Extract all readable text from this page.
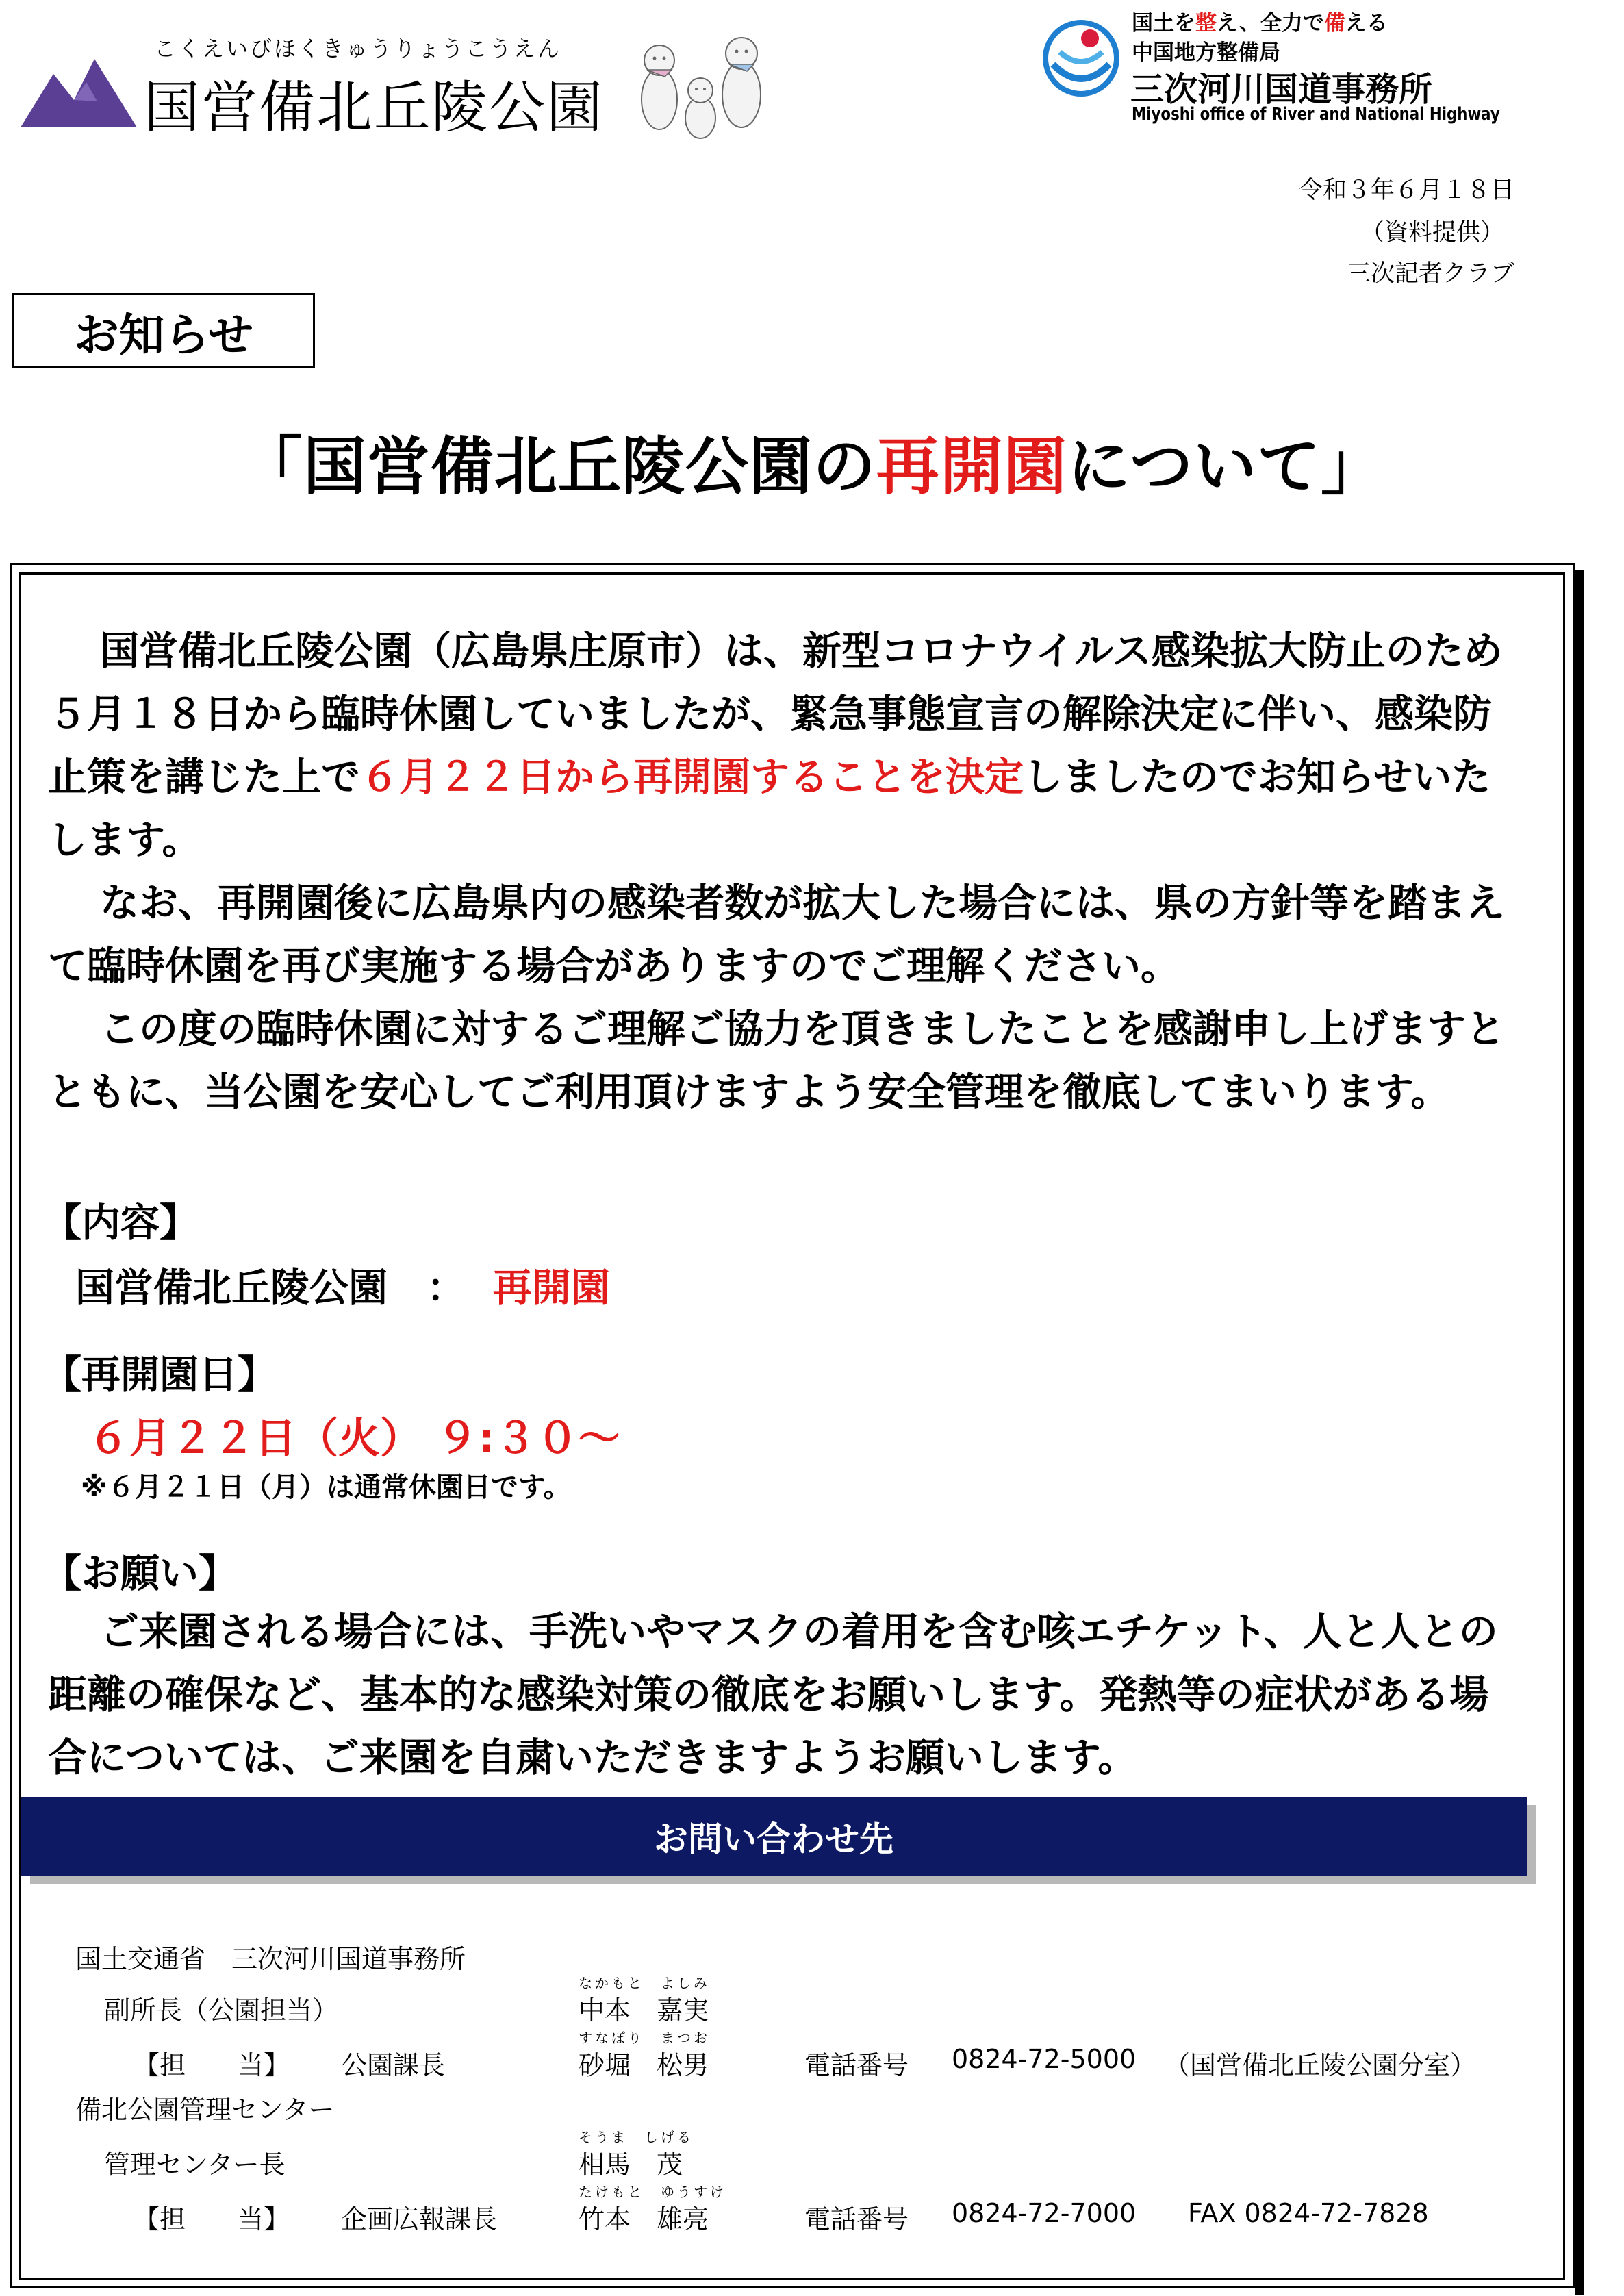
こくえいびほくきゅうりょうこうえん
国営備北丘陵公園
国土を整え、全力で備える
中国地方整備局
三次河川国道事務所
Miyoshi office of River and National Highway
令和３年６月１８日
（資料提供）
三次記者クラブ
お知らせ
「国営備北丘陵公園の再開園について」

国営備北丘陵公園（広島県庄原市）は、新型コロナウイルス感染拡大防止のため５月１８日から臨時休園していましたが、緊急事態宣言の解除決定に伴い、感染防止策を講じた上で６月２２日から再開園することを決定しましたのでお知らせいたします。

なお、再開園後に広島県内の感染者数が拡大した場合には、県の方針等を踏まえて臨時休園を再び実施する場合がありますのでご理解ください。

この度の臨時休園に対するご理解ご協力を頂きましたことを感謝申し上げますとともに、当公園を安心してご利用頂けますよう安全管理を徹底してまいります。

【内容】
国営備北丘陵公園　： 再開園
【再開園日】
６月２２日（火） ９:３０～
※６月２１日（月）は通常休園日です。
【お願い】

ご来園される場合には、手洗いやマスクの着用を含む咳エチケット、人と人との距離の確保など、基本的な感染対策の徹底をお願いします。発熱等の症状がある場合については、ご来園を自粛いただきますようお願いします。

お問い合わせ先
国土交通省　三次河川国道事務所
副所長（公園担当）
なかもと　よしみ
中本　嘉実
【担　　当】 公園課長
すなぼり　まつお
砂堀　松男	電話番号 0824-72-5000 （国営備北丘陵公園分室）
備北公園管理センター
管理センター長
そうま　しげる
相馬　茂
【担　　当】 企画広報課長
たけもと　ゆうすけ
竹本　雄亮	電話番号 0824-72-7000 FAX 0824-72-7828
